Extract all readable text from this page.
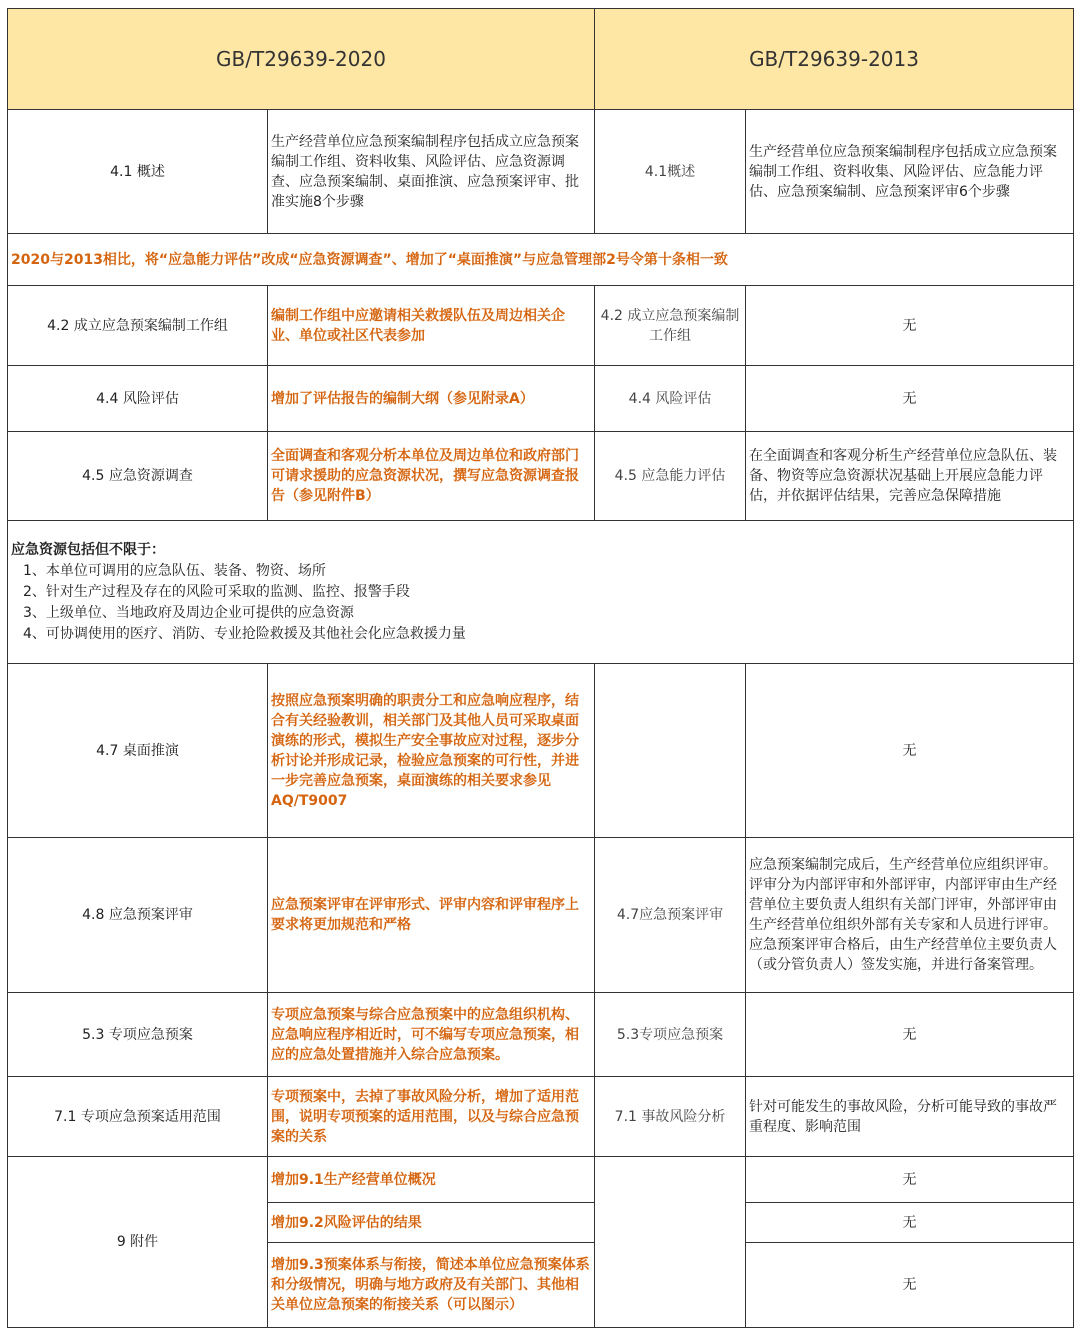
GB/T29639-2020		GB/T29639-2013	
4.1 概述	生产经营单位应急预案编制程序包括成立应急预案编制工作组、资料收集、风险评估、应急资源调查、应急预案编制、桌面推演、应急预案评审、批准实施8个步骤	4.1概述	生产经营单位应急预案编制程序包括成立应急预案编制工作组、资料收集、风险评估、应急能力评估、应急预案编制、应急预案评审6个步骤
2020与2013相比，将“应急能力评估”改成“应急资源调查”、增加了“桌面推演”与应急管理部2号令第十条相一致			
4.2 成立应急预案编制工作组	编制工作组中应邀请相关救援队伍及周边相关企业、单位或社区代表参加	4.2 成立应急预案编制工作组	无
4.4 风险评估	增加了评估报告的编制大纲（参见附录A）	4.4 风险评估	无
4.5 应急资源调查	全面调查和客观分析本单位及周边单位和政府部门可请求援助的应急资源状况，撰写应急资源调查报告（参见附件B）	4.5 应急能力评估	在全面调查和客观分析生产经营单位应急队伍、装备、物资等应急资源状况基础上开展应急能力评估，并依据评估结果，完善应急保障措施

应急资源包括但不限于：
1、本单位可调用的应急队伍、装备、物资、场所
2、针对生产过程及存在的风险可采取的监测、监控、报警手段
3、上级单位、当地政府及周边企业可提供的应急资源
4、可协调使用的医疗、消防、专业抢险救援及其他社会化应急救援力量			

4.7 桌面推演	按照应急预案明确的职责分工和应急响应程序，结合有关经验教训，相关部门及其他人员可采取桌面演练的形式，模拟生产安全事故应对过程，逐步分析讨论并形成记录，检验应急预案的可行性，并进一步完善应急预案，桌面演练的相关要求参见AQ/T9007		无
4.8 应急预案评审	应急预案评审在评审形式、评审内容和评审程序上要求将更加规范和严格	4.7应急预案评审	应急预案编制完成后，生产经营单位应组织评审。评审分为内部评审和外部评审，内部评审由生产经营单位主要负责人组织有关部门评审，外部评审由生产经营单位组织外部有关专家和人员进行评审。应急预案评审合格后，由生产经营单位主要负责人（或分管负责人）签发实施，并进行备案管理。
5.3 专项应急预案	专项应急预案与综合应急预案中的应急组织机构、应急响应程序相近时，可不编写专项应急预案，相应的应急处置措施并入综合应急预案。	5.3专项应急预案	无
7.1 专项应急预案适用范围	专项预案中，去掉了事故风险分析，增加了适用范围，说明专项预案的适用范围，以及与综合应急预案的关系	7.1 事故风险分析	针对可能发生的事故风险，分析可能导致的事故严重程度、影响范围
9 附件	增加9.1生产经营单位概况		无
	增加9.2风险评估的结果		无
	增加9.3预案体系与衔接，简述本单位应急预案体系和分级情况，明确与地方政府及有关部门、其他相关单位应急预案的衔接关系（可以图示）		无
